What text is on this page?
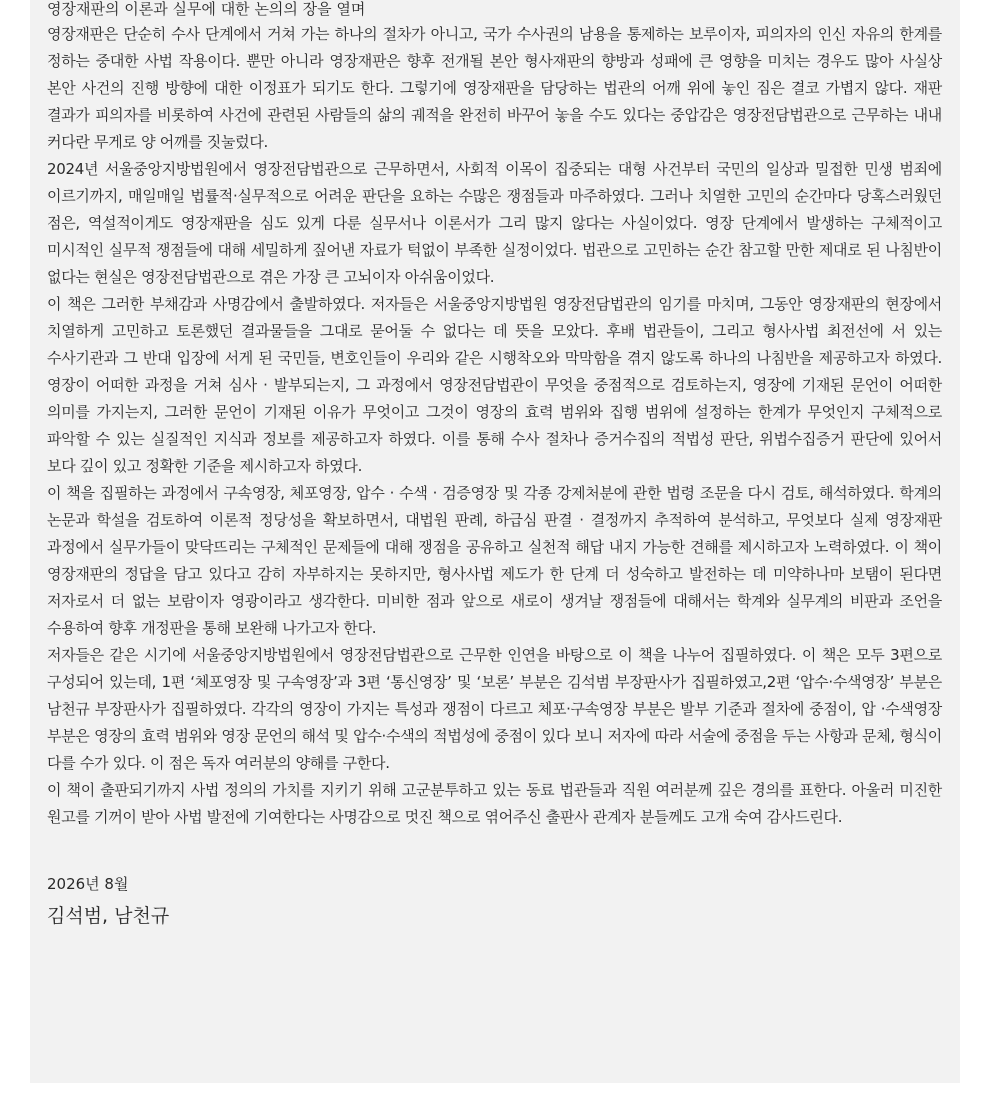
영장재판의 이론과 실무에 대한 논의의 장을 열며

영장재판은 단순히 수사 단계에서 거쳐 가는 하나의 절차가 아니고, 국가 수사권의 남용을 통제하는 보루이자, 피의자의 인신 자유의 한계를 정하는 중대한 사법 작용이다. 뿐만 아니라 영장재판은 향후 전개될 본안 형사재판의 향방과 성패에 큰 영향을 미치는 경우도 많아 사실상 본안 사건의 진행 방향에 대한 이정표가 되기도 한다. 그렇기에 영장재판을 담당하는 법관의 어깨 위에 놓인 짐은 결코 가볍지 않다. 재판 결과가 피의자를 비롯하여 사건에 관련된 사람들의 삶의 궤적을 완전히 바꾸어 놓을 수도 있다는 중압감은 영장전담법관으로 근무하는 내내 커다란 무게로 양 어깨를 짓눌렀다.

2024년 서울중앙지방법원에서 영장전담법관으로 근무하면서, 사회적 이목이 집중되는 대형 사건부터 국민의 일상과 밀접한 민생 범죄에 이르기까지, 매일매일 법률적·실무적으로 어려운 판단을 요하는 수많은 쟁점들과 마주하였다. 그러나 치열한 고민의 순간마다 당혹스러웠던 점은, 역설적이게도 영장재판을 심도 있게 다룬 실무서나 이론서가 그리 많지 않다는 사실이었다. 영장 단계에서 발생하는 구체적이고 미시적인 실무적 쟁점들에 대해 세밀하게 짚어낸 자료가 턱없이 부족한 실정이었다. 법관으로 고민하는 순간 참고할 만한 제대로 된 나침반이 없다는 현실은 영장전담법관으로 겪은 가장 큰 고뇌이자 아쉬움이었다.

이 책은 그러한 부채감과 사명감에서 출발하였다. 저자들은 서울중앙지방법원 영장전담법관의 임기를 마치며, 그동안 영장재판의 현장에서 치열하게 고민하고 토론했던 결과물들을 그대로 묻어둘 수 없다는 데 뜻을 모았다. 후배 법관들이, 그리고 형사사법 최전선에 서 있는 수사기관과 그 반대 입장에 서게 된 국민들, 변호인들이 우리와 같은 시행착오와 막막함을 겪지 않도록 하나의 나침반을 제공하고자 하였다. 영장이 어떠한 과정을 거쳐 심사 · 발부되는지, 그 과정에서 영장전담법관이 무엇을 중점적으로 검토하는지, 영장에 기재된 문언이 어떠한 의미를 가지는지, 그러한 문언이 기재된 이유가 무엇이고 그것이 영장의 효력 범위와 집행 범위에 설정하는 한계가 무엇인지 구체적으로 파악할 수 있는 실질적인 지식과 정보를 제공하고자 하였다. 이를 통해 수사 절차나 증거수집의 적법성 판단, 위법수집증거 판단에 있어서 보다 깊이 있고 정확한 기준을 제시하고자 하였다.

이 책을 집필하는 과정에서 구속영장, 체포영장, 압수 · 수색 · 검증영장 및 각종 강제처분에 관한 법령 조문을 다시 검토, 해석하였다. 학계의 논문과 학설을 검토하여 이론적 정당성을 확보하면서, 대법원 판례, 하급심 판결 · 결정까지 추적하여 분석하고, 무엇보다 실제 영장재판 과정에서 실무가들이 맞닥뜨리는 구체적인 문제들에 대해 쟁점을 공유하고 실천적 해답 내지 가능한 견해를 제시하고자 노력하였다. 이 책이 영장재판의 정답을 담고 있다고 감히 자부하지는 못하지만, 형사사법 제도가 한 단계 더 성숙하고 발전하는 데 미약하나마 보탬이 된다면 저자로서 더 없는 보람이자 영광이라고 생각한다. 미비한 점과 앞으로 새로이 생겨날 쟁점들에 대해서는 학계와 실무계의 비판과 조언을 수용하여 향후 개정판을 통해 보완해 나가고자 한다.

저자들은 같은 시기에 서울중앙지방법원에서 영장전담법관으로 근무한 인연을 바탕으로 이 책을 나누어 집필하였다. 이 책은 모두 3편으로 구성되어 있는데, 1편 ‘체포영장 및 구속영장’과 3편 ‘통신영장’ 및 ‘보론’ 부분은 김석범 부장판사가 집필하였고,2편 ‘압수·수색영장’ 부분은 남천규 부장판사가 집필하였다. 각각의 영장이 가지는 특성과 쟁점이 다르고 체포·구속영장 부분은 발부 기준과 절차에 중점이, 압 ·수색영장 부분은 영장의 효력 범위와 영장 문언의 해석 및 압수·수색의 적법성에 중점이 있다 보니 저자에 따라 서술에 중점을 두는 사항과 문체, 형식이 다를 수가 있다. 이 점은 독자 여러분의 양해를 구한다.

이 책이 출판되기까지 사법 정의의 가치를 지키기 위해 고군분투하고 있는 동료 법관들과 직원 여러분께 깊은 경의를 표한다. 아울러 미진한 원고를 기꺼이 받아 사법 발전에 기여한다는 사명감으로 멋진 책으로 엮어주신 출판사 관계자 분들께도 고개 숙여 감사드린다.

2026년 8월
김석범, 남천규
